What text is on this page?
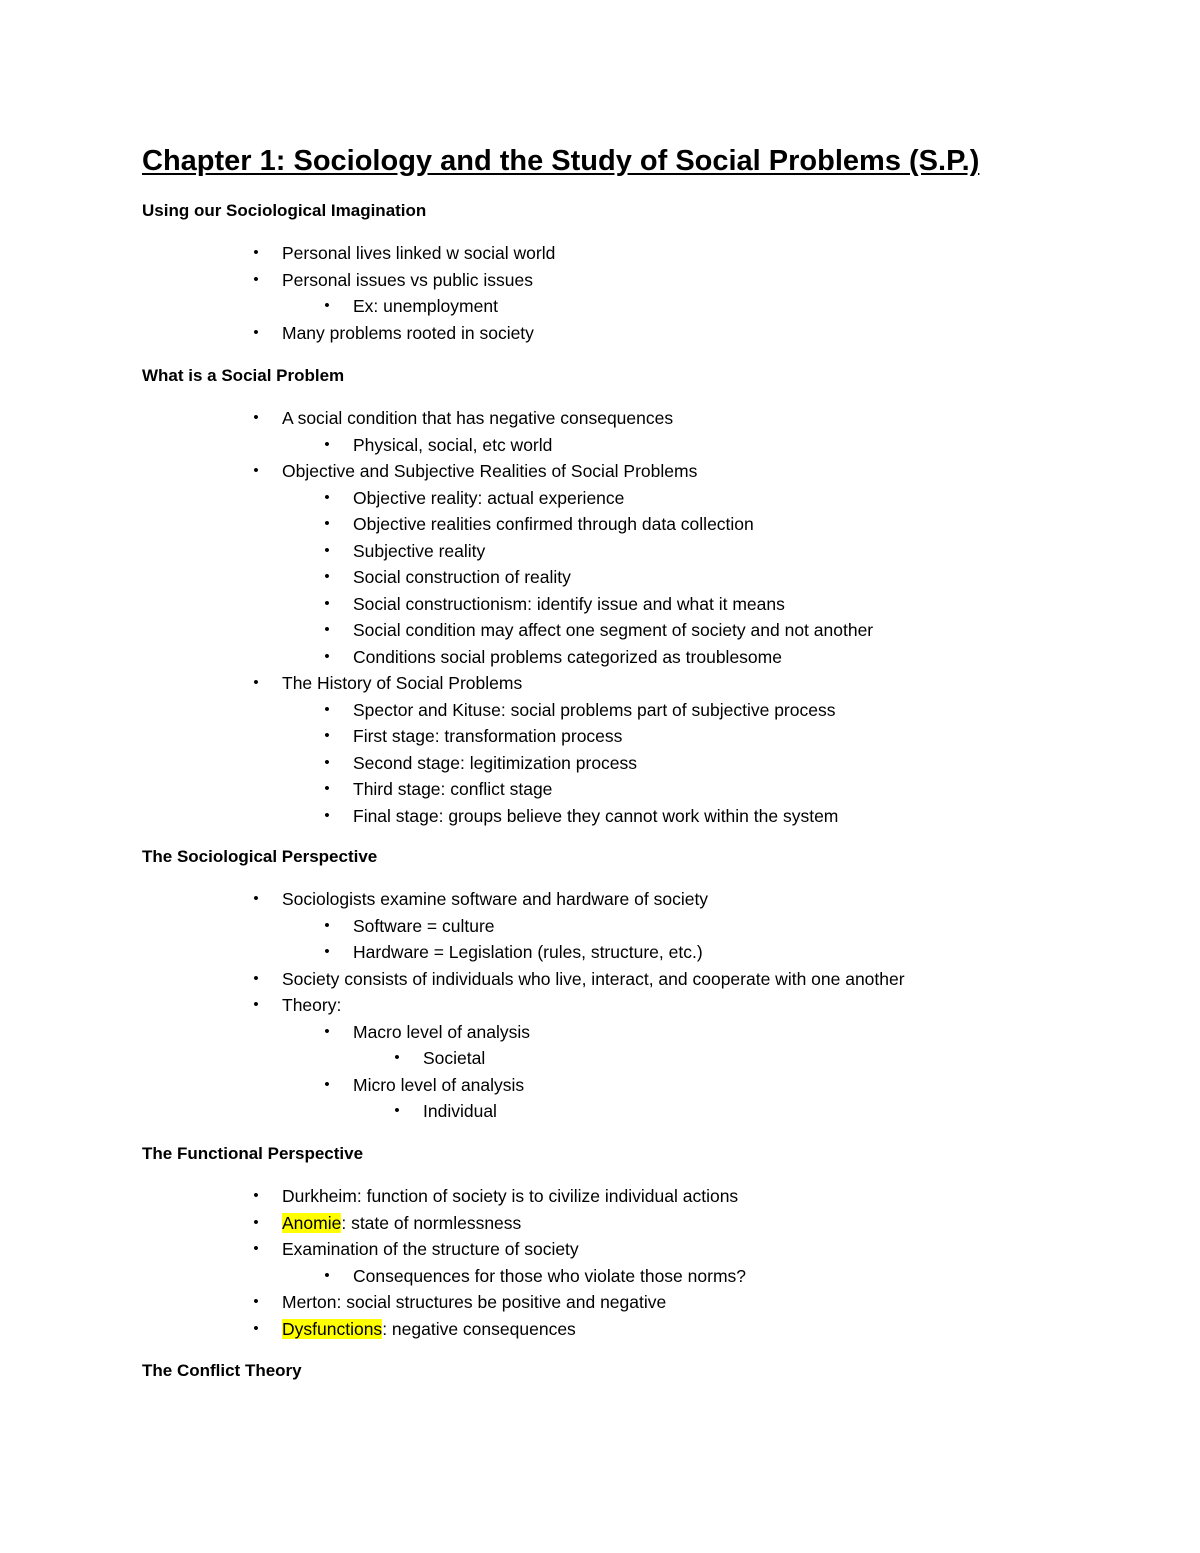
Chapter 1: Sociology and the Study of Social Problems (S.P.)
Using our Sociological Imagination
•	Personal lives linked w social world
•	Personal issues vs public issues
•	Ex: unemployment
•	Many problems rooted in society
What is a Social Problem
•	A social condition that has negative consequences
•	Physical, social, etc world
•	Objective and Subjective Realities of Social Problems
•	Objective reality: actual experience
•	Objective realities confirmed through data collection
•	Subjective reality
•	Social construction of reality
•	Social constructionism: identify issue and what it means
•	Social condition may affect one segment of society and not another
•	Conditions social problems categorized as troublesome
•	The History of Social Problems
•	Spector and Kituse: social problems part of subjective process
•	First stage: transformation process
•	Second stage: legitimization process
•	Third stage: conflict stage
•	Final stage: groups believe they cannot work within the system
The Sociological Perspective
•	Sociologists examine software and hardware of society
•	Software = culture
•	Hardware = Legislation (rules, structure, etc.)
•	Society consists of individuals who live, interact, and cooperate with one another
•	Theory:
•	Macro level of analysis
•	Societal
•	Micro level of analysis
•	Individual
The Functional Perspective
•	Durkheim: function of society is to civilize individual actions
•	Anomie: state of normlessness
•	Examination of the structure of society
•	Consequences for those who violate those norms?
•	Merton: social structures be positive and negative
•	Dysfunctions: negative consequences
The Conflict Theory
